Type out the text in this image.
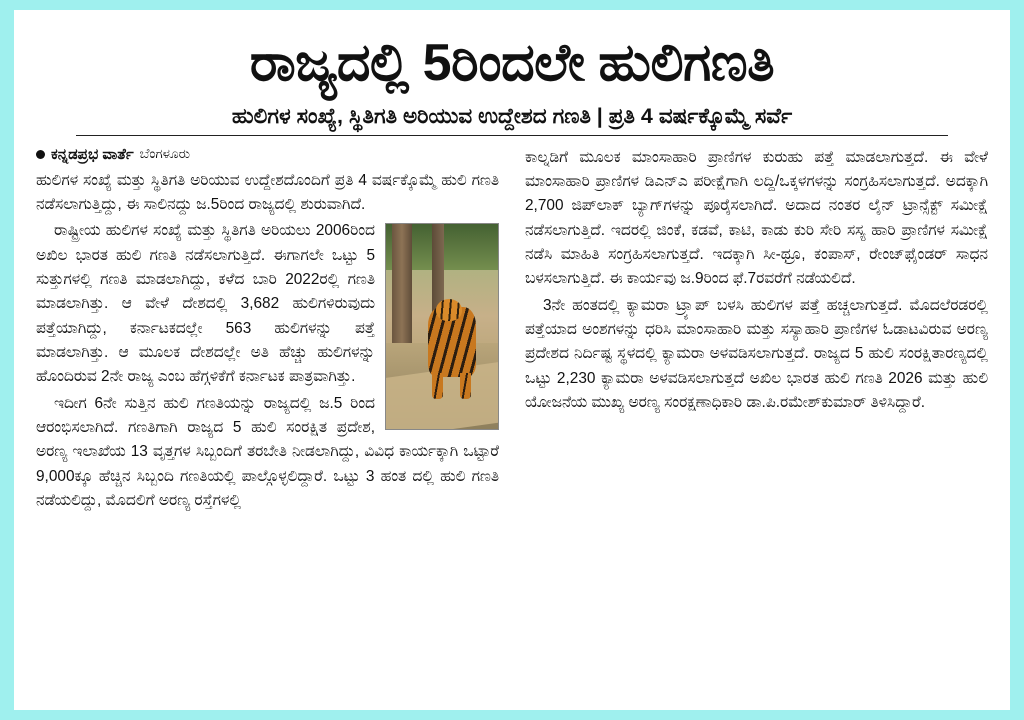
ರಾಜ್ಯದಲ್ಲಿ 5ರಿಂದಲೇ ಹುಲಿಗಣತಿ
ಹುಲಿಗಳ ಸಂಖ್ಯೆ, ಸ್ಥಿತಿಗತಿ ಅರಿಯುವ ಉದ್ದೇಶದ ಗಣತಿ | ಪ್ರತಿ 4 ವರ್ಷಕ್ಕೊಮ್ಮೆ ಸರ್ವೆ
ಕನ್ನಡಪ್ರಭ ವಾರ್ತೆ ಬೆಂಗಳೂರು

ಹುಲಿಗಳ ಸಂಖ್ಯೆ ಮತ್ತು ಸ್ಥಿತಿಗತಿ ಅರಿಯುವ ಉದ್ದೇಶದೊಂದಿಗೆ ಪ್ರತಿ 4 ವರ್ಷಕ್ಕೊಮ್ಮೆ ಹುಲಿ ಗಣತಿ ನಡೆಸಲಾಗುತ್ತಿದ್ದು, ಈ ಸಾಲಿನದ್ದು ಜ.5ರಿಂದ ರಾಜ್ಯದಲ್ಲಿ ಶುರುವಾಗಿದೆ.

ರಾಷ್ಟ್ರೀಯ ಹುಲಿಗಳ ಸಂಖ್ಯೆ ಮತ್ತು ಸ್ಥಿತಿಗತಿ ಅರಿಯಲು 2006ರಿಂದ ಅಖಿಲ ಭಾರತ ಹುಲಿ ಗಣತಿ ನಡೆಸಲಾಗುತ್ತಿದೆ. ಈಗಾಗಲೇ ಒಟ್ಟು 5 ಸುತ್ತುಗಳಲ್ಲಿ ಗಣತಿ ಮಾಡಲಾಗಿದ್ದು, ಕಳೆದ ಬಾರಿ 2022ರಲ್ಲಿ ಗಣತಿ ಮಾಡಲಾಗಿತ್ತು. ಆ ವೇಳೆ ದೇಶದಲ್ಲಿ 3,682 ಹುಲಿಗಳಿರುವುದು ಪತ್ತೆಯಾಗಿದ್ದು, ಕರ್ನಾಟಕದಲ್ಲೇ 563 ಹುಲಿಗಳನ್ನು ಪತ್ತೆ ಮಾಡಲಾಗಿತ್ತು. ಆ ಮೂಲಕ ದೇಶದಲ್ಲೇ ಅತಿ ಹೆಚ್ಚು ಹುಲಿಗಳನ್ನು ಹೊಂದಿರುವ 2ನೇ ರಾಜ್ಯ ಎಂಬ ಹೆಗ್ಗಳಿಕೆಗೆ ಕರ್ನಾಟಕ ಪಾತ್ರವಾಗಿತ್ತು.

ಇದೀಗ 6ನೇ ಸುತ್ತಿನ ಹುಲಿ ಗಣತಿಯನ್ನು ರಾಜ್ಯದಲ್ಲಿ ಜ.5 ರಿಂದ ಆರಂಭಿಸಲಾಗಿದೆ. ಗಣತಿಗಾಗಿ ರಾಜ್ಯದ 5 ಹುಲಿ ಸಂರಕ್ಷಿತ ಪ್ರದೇಶ, ಅರಣ್ಯ ಇಲಾಖೆಯ 13 ವೃತ್ತಗಳ ಸಿಬ್ಬಂದಿಗೆ ತರಬೇತಿ ನೀಡಲಾಗಿದ್ದು, ವಿವಿಧ ಕಾರ್ಯಕ್ಕಾಗಿ ಒಟ್ಟಾರೆ 9,000ಕ್ಕೂ ಹೆಚ್ಚಿನ ಸಿಬ್ಬಂದಿ ಗಣತಿಯಲ್ಲಿ ಪಾಲ್ಗೊಳ್ಳಲಿದ್ದಾರೆ. ಒಟ್ಟು 3 ಹಂತ ದಲ್ಲಿ ಹುಲಿ ಗಣತಿ ನಡೆಯಲಿದ್ದು, ಮೊದಲಿಗೆ ಅರಣ್ಯ ರಸ್ತೆಗಳಲ್ಲಿ

ಕಾಲ್ನಡಿಗೆ ಮೂಲಕ ಮಾಂಸಾಹಾರಿ ಪ್ರಾಣಿಗಳ ಕುರುಹು ಪತ್ತೆ ಮಾಡಲಾಗುತ್ತದೆ. ಈ ವೇಳೆ ಮಾಂಸಾಹಾರಿ ಪ್ರಾಣಿಗಳ ಡಿಎನ್‌ಎ ಪರೀಕ್ಷೆಗಾಗಿ ಲದ್ದಿ/ಒಕ್ಕಳಗಳನ್ನು ಸಂಗ್ರಹಿಸಲಾಗುತ್ತದೆ. ಅದಕ್ಕಾಗಿ 2,700 ಜಿಪ್‌ಲಾಕ್‌ ಬ್ಯಾಗ್‌ಗಳನ್ನು ಪೂರೈಸಲಾಗಿದೆ. ಅದಾದ ನಂತರ ಲೈನ್‌ ಟ್ರಾನ್ಸೆಕ್ಟ್‌ ಸಮೀಕ್ಷೆ ನಡೆಸಲಾಗುತ್ತಿದೆ. ಇದರಲ್ಲಿ ಜಿಂಕೆ, ಕಡವೆ, ಕಾಟಿ, ಕಾಡು ಕುರಿ ಸೇರಿ ಸಸ್ಯ ಹಾರಿ ಪ್ರಾಣಿಗಳ ಸಮೀಕ್ಷೆ ನಡೆಸಿ ಮಾಹಿತಿ ಸಂಗ್ರಹಿಸಲಾಗುತ್ತದೆ. ಇದಕ್ಕಾಗಿ ಸೀ-ಥ್ರೂ, ಕಂಪಾಸ್‌, ರೇಂಜ್‌ಫೈಂಡರ್‌ ಸಾಧನ ಬಳಸಲಾಗುತ್ತಿದೆ. ಈ ಕಾರ್ಯವು ಜ.9ರಿಂದ ಫೆ.7ರವರೆಗೆ ನಡೆಯಲಿದೆ.

3ನೇ ಹಂತದಲ್ಲಿ ಕ್ಯಾಮರಾ ಟ್ರ್ಯಾಪ್‌ ಬಳಸಿ ಹುಲಿಗಳ ಪತ್ತೆ ಹಚ್ಚಲಾಗುತ್ತದೆ. ಮೊದಲೆರಡರಲ್ಲಿ ಪತ್ತೆಯಾದ ಅಂಶಗಳನ್ನು ಧರಿಸಿ ಮಾಂಸಾಹಾರಿ ಮತ್ತು ಸಸ್ಯಾಹಾರಿ ಪ್ರಾಣಿಗಳ ಓಡಾಟವಿರುವ ಅರಣ್ಯ ಪ್ರದೇಶದ ನಿರ್ದಿಷ್ಟ ಸ್ಥಳದಲ್ಲಿ ಕ್ಯಾಮರಾ ಅಳವಡಿಸಲಾಗುತ್ತದೆ. ರಾಜ್ಯದ 5 ಹುಲಿ ಸಂರಕ್ಷಿತಾರಣ್ಯದಲ್ಲಿ ಒಟ್ಟು 2,230 ಕ್ಯಾಮರಾ ಅಳವಡಿಸಲಾಗುತ್ತದೆ ಅಖಿಲ ಭಾರತ ಹುಲಿ ಗಣತಿ 2026 ಮತ್ತು ಹುಲಿ ಯೋಜನೆಯ ಮುಖ್ಯ ಅರಣ್ಯ ಸಂರಕ್ಷಣಾಧಿಕಾರಿ ಡಾ.ಪಿ.ರಮೇಶ್‌ಕುಮಾರ್‌ ತಿಳಿಸಿದ್ದಾರೆ.
